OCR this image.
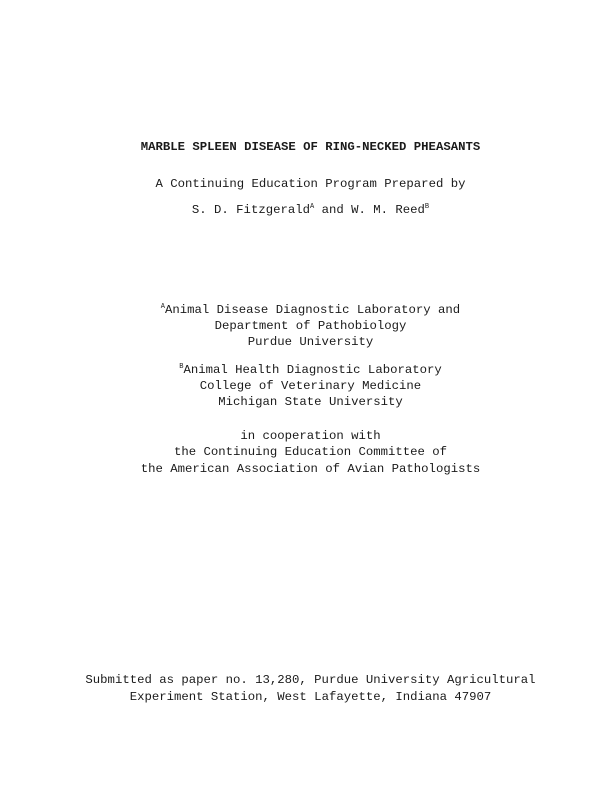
MARBLE SPLEEN DISEASE OF RING-NECKED PHEASANTS
A Continuing Education Program Prepared by
S. D. Fitzgerald$^A$ and W. M. Reed$^B$
$^A$Animal Disease Diagnostic Laboratory and
Department of Pathobiology
Purdue University
$^B$Animal Health Diagnostic Laboratory
College of Veterinary Medicine
Michigan State University
in cooperation with
the Continuing Education Committee of
the American Association of Avian Pathologists
Submitted as paper no. 13,280, Purdue University Agricultural
Experiment Station, West Lafayette, Indiana 47907
